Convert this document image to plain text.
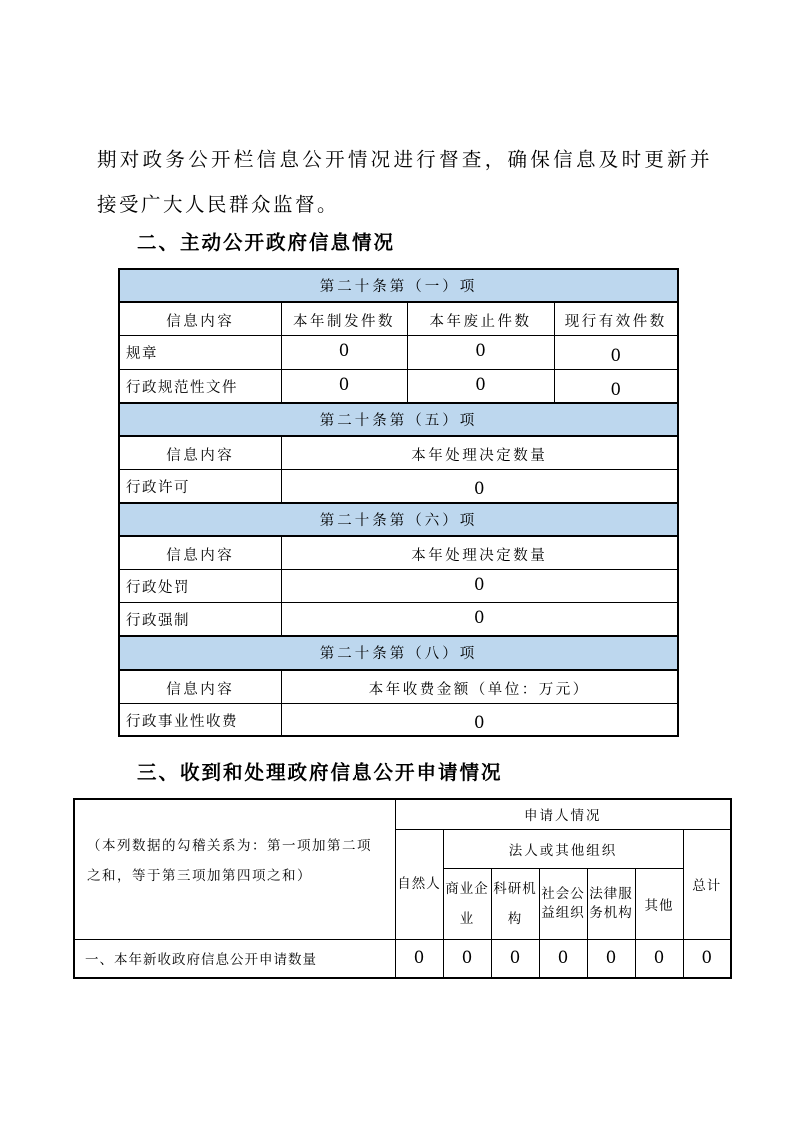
期对政务公开栏信息公开情况进行督查，确保信息及时更新并接受广大人民群众监督。
二、主动公开政府信息情况
第二十条第（一）项			
信息内容	本年制发件数	本年废止件数	现行有效件数
规章	0	0	0
行政规范性文件	0	0	0
第二十条第（五）项			
信息内容	本年处理决定数量		
行政许可	0		
第二十条第（六）项			
信息内容	本年处理决定数量		
行政处罚	0		
行政强制	0		
第二十条第（八）项			
信息内容	本年收费金额（单位：万元）		
行政事业性收费	0		
三、收到和处理政府信息公开申请情况
（本列数据的勾稽关系为：第一项加第二项之和，等于第三项加第四项之和）	申请人情况						
	自然人	法人或其他组织					总计
		商业企业	科研机构	社会公益组织	法律服务机构	其他	
一、本年新收政府信息公开申请数量	0	0	0	0	0	0	0
